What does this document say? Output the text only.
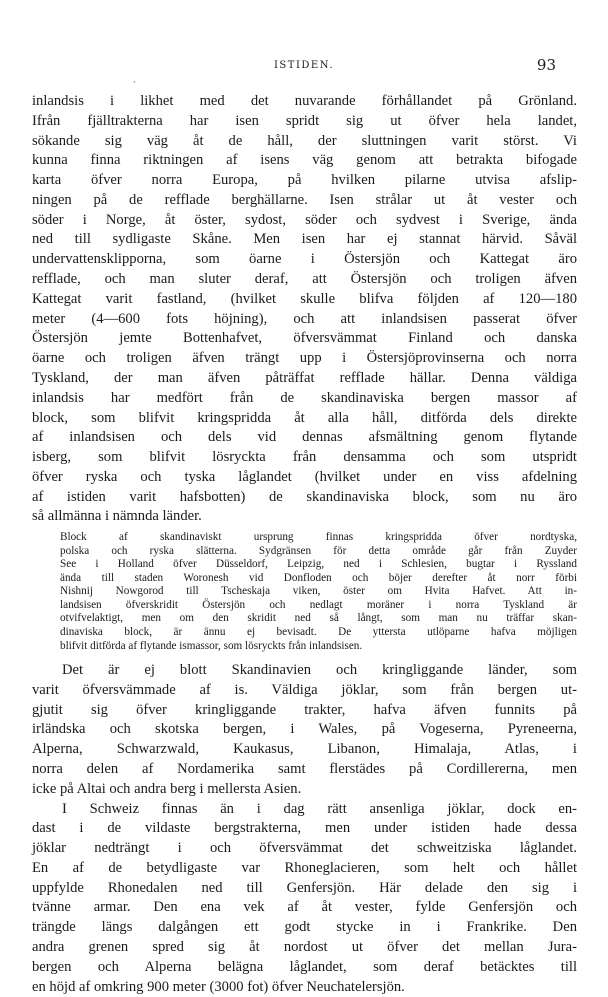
ISTIDEN.	93
·

inlandsis i likhet med det nuvarande förhållandet på Grönland.
Ifrån fjälltrakterna har isen spridt sig ut öfver hela landet,
sökande sig väg åt de håll, der sluttningen varit störst. Vi
kunna finna riktningen af isens väg genom att betrakta bifogade
karta öfver norra Europa, på hvilken pilarne utvisa afslip-
ningen på de refflade berghällarne. Isen strålar ut åt vester och
söder i Norge, åt öster, sydost, söder och sydvest i Sverige, ända
ned till sydligaste Skåne. Men isen har ej stannat härvid. Såväl
undervattensklipporna, som öarne i Östersjön och Kattegat äro
refflade, och man sluter deraf, att Östersjön och troligen äfven
Kattegat varit fastland, (hvilket skulle blifva följden af 120—180
meter (4—600 fots höjning), och att inlandsisen passerat öfver
Östersjön jemte Bottenhafvet, öfversvämmat Finland och danska
öarne och troligen äfven trängt upp i Östersjöprovinserna och norra
Tyskland, der man äfven påträffat refflade hällar. Denna väldiga
inlandsis har medfört från de skandinaviska bergen massor af
block, som blifvit kringspridda åt alla håll, ditförda dels direkte
af inlandsisen och dels vid dennas afsmältning genom flytande
isberg, som blifvit lösryckta från densamma och som utspridt
öfver ryska och tyska låglandet (hvilket under en viss afdelning
af istiden varit hafsbotten) de skandinaviska block, som nu äro
så allmänna i nämnda länder.

Block af skandinaviskt ursprung finnas kringspridda öfver nordtyska,
polska och ryska slätterna. Sydgränsen för detta område går från Zuyder
See i Holland öfver Düsseldorf, Leipzig, ned i Schlesien, bugtar i Ryssland
ända till staden Woronesh vid Donfloden och böjer derefter åt norr förbi
Nishnij Nowgorod till Tscheskaja viken, öster om Hvita Hafvet. Att in-
landsisen öfverskridit Östersjön och nedlagt moräner i norra Tyskland är
otvifvelaktigt, men om den skridit ned så långt, som man nu träffar skan-
dinaviska block, är ännu ej bevisadt. De yttersta utlöparne hafva möjligen
blifvit ditförda af flytande ismassor, som lösryckts från inlandsisen.

Det är ej blott Skandinavien och kringliggande länder, som
varit öfversvämmade af is. Väldiga jöklar, som från bergen ut-
gjutit sig öfver kringliggande trakter, hafva äfven funnits på
irländska och skotska bergen, i Wales, på Vogeserna, Pyreneerna,
Alperna, Schwarzwald, Kaukasus, Libanon, Himalaja, Atlas, i
norra delen af Nordamerika samt flerstädes på Cordillererna, men
icke på Altai och andra berg i mellersta Asien.

I Schweiz finnas än i dag rätt ansenliga jöklar, dock en-
dast i de vildaste bergstrakterna, men under istiden hade dessa
jöklar nedträngt i och öfversvämmat det schweitziska låglandet.
En af de betydligaste var Rhoneglacieren, som helt och hållet
uppfylde Rhonedalen ned till Genfersjön. Här delade den sig i
tvänne armar. Den ena vek af åt vester, fylde Genfersjön och
trängde längs dalgången ett godt stycke in i Frankrike. Den
andra grenen spred sig åt nordost ut öfver det mellan Jura-
bergen och Alperna belägna låglandet, som deraf betäcktes till
en höjd af omkring 900 meter (3000 fot) öfver Neuchatelersjön.
